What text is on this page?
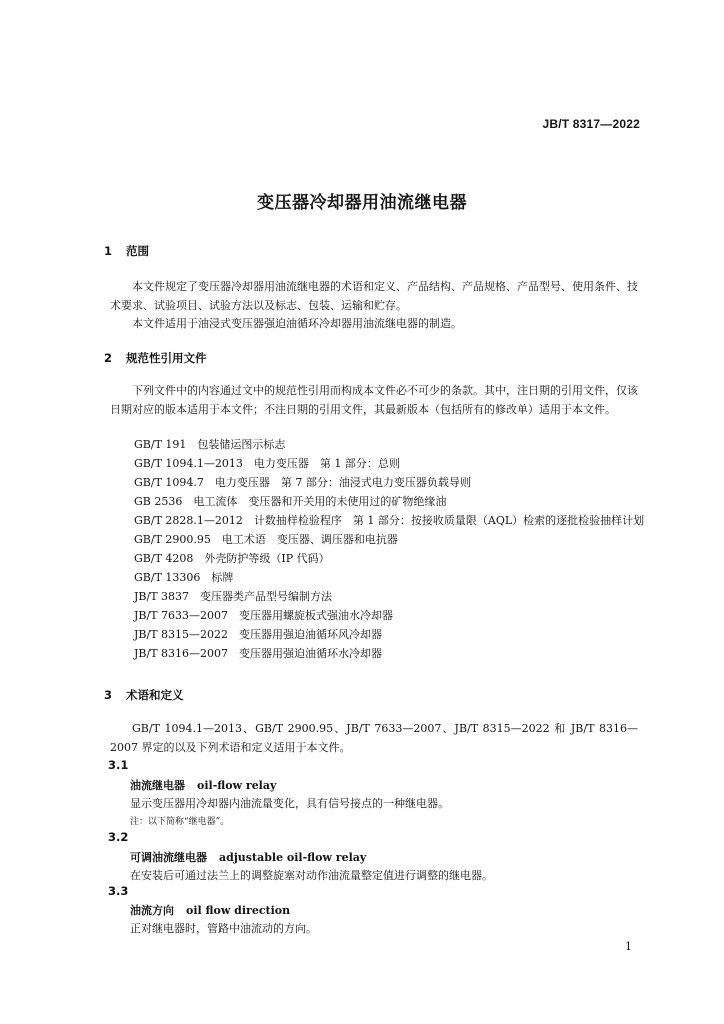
JB/T 8317—2022
变压器冷却器用油流继电器
1 范围
本文件规定了变压器冷却器用油流继电器的术语和定义、产品结构、产品规格、产品型号、使用条件、技术要求、试验项目、试验方法以及标志、包装、运输和贮存。
本文件适用于油浸式变压器强迫油循环冷却器用油流继电器的制造。
2 规范性引用文件
下列文件中的内容通过文中的规范性引用而构成本文件必不可少的条款。其中，注日期的引用文件，仅该日期对应的版本适用于本文件；不注日期的引用文件，其最新版本（包括所有的修改单）适用于本文件。
GB/T 191　包装储运图示标志
GB/T 1094.1—2013　电力变压器　第 1 部分：总则
GB/T 1094.7　电力变压器　第 7 部分：油浸式电力变压器负载导则
GB 2536　电工流体　变压器和开关用的未使用过的矿物绝缘油
GB/T 2828.1—2012　计数抽样检验程序　第 1 部分：按接收质量限（AQL）检索的逐批检验抽样计划
GB/T 2900.95　电工术语　变压器、调压器和电抗器
GB/T 4208　外壳防护等级（IP 代码）
GB/T 13306　标牌
JB/T 3837　变压器类产品型号编制方法
JB/T 7633—2007　变压器用螺旋板式强油水冷却器
JB/T 8315—2022　变压器用强迫油循环风冷却器
JB/T 8316—2007　变压器用强迫油循环水冷却器
3 术语和定义
GB/T 1094.1—2013、GB/T 2900.95、JB/T 7633—2007、JB/T 8315—2022 和 JB/T 8316—2007 界定的以及下列术语和定义适用于本文件。
3.1
油流继电器 oil-flow relay
显示变压器用冷却器内油流量变化，具有信号接点的一种继电器。
注：以下简称“继电器”。
3.2
可调油流继电器 adjustable oil-flow relay
在安装后可通过法兰上的调整旋塞对动作油流量整定值进行调整的继电器。
3.3
油流方向 oil flow direction
正对继电器时，管路中油流动的方向。
1
